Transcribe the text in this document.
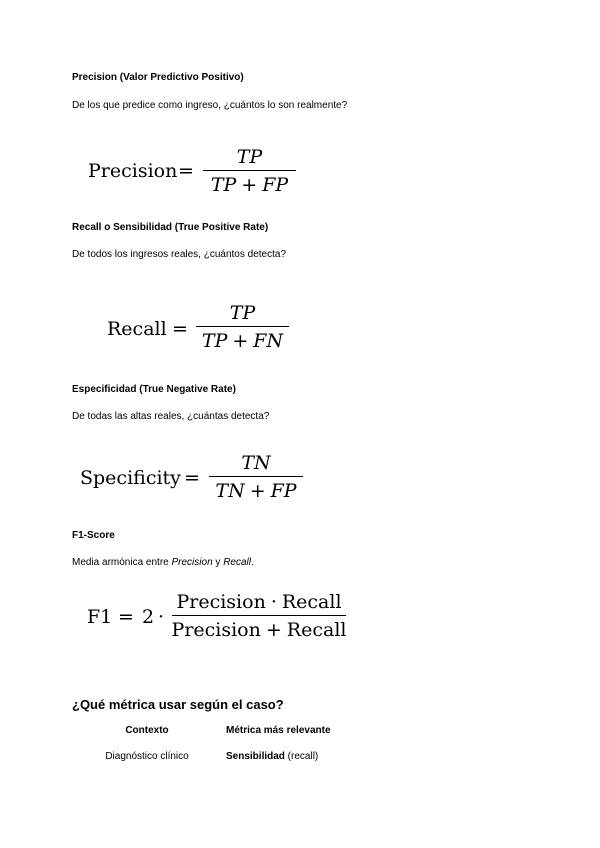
Precision (Valor Predictivo Positivo)
De los que predice como ingreso, ¿cuántos lo son realmente?
Precision =
TP
TP + FP
Recall o Sensibilidad (True Positive Rate)
De todos los ingresos reales, ¿cuántos detecta?
Recall =
TP
TP + FN
Especificidad (True Negative Rate)
De todas las altas reales, ¿cuántas detecta?
Specificity =
TN
TN + FP
F1-Score
Media armónica entre Precision y Recall.
F1 = 2 ·
Precision · Recall
Precision + Recall
¿Qué métrica usar según el caso?
Contexto	Métrica más relevante
Diagnóstico clínico	Sensibilidad (recall)
